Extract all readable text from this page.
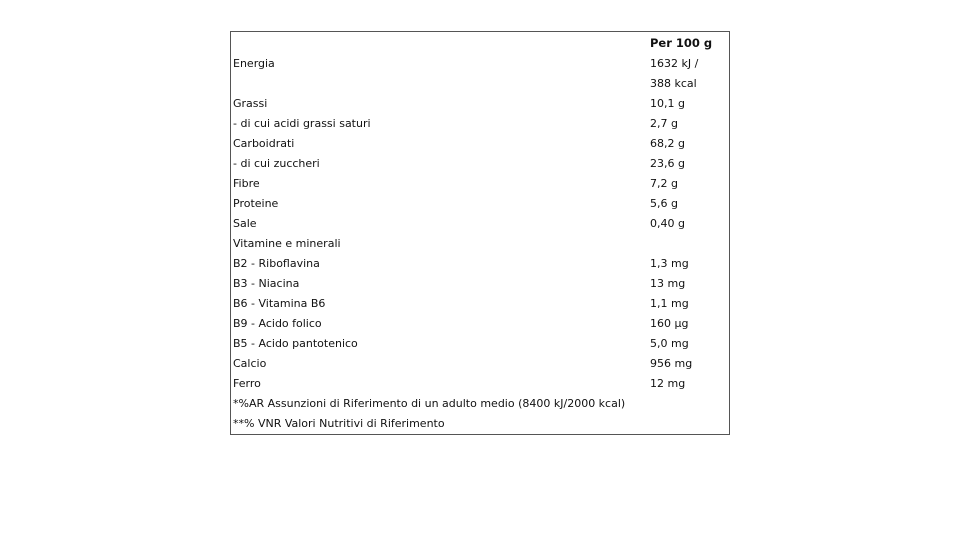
	Per 100 g
Energia	1632 kJ /
	388 kcal
Grassi	10,1 g
- di cui acidi grassi saturi	2,7 g
Carboidrati	68,2 g
- di cui zuccheri	23,6 g
Fibre	7,2 g
Proteine	5,6 g
Sale	0,40 g
Vitamine e minerali	
B2 - Riboflavina	1,3 mg
B3 - Niacina	13 mg
B6 - Vitamina B6	1,1 mg
B9 - Acido folico	160 µg
B5 - Acido pantotenico	5,0 mg
Calcio	956 mg
Ferro	12 mg
*%AR Assunzioni di Riferimento di un adulto medio (8400 kJ/2000 kcal)	
**% VNR Valori Nutritivi di Riferimento	
